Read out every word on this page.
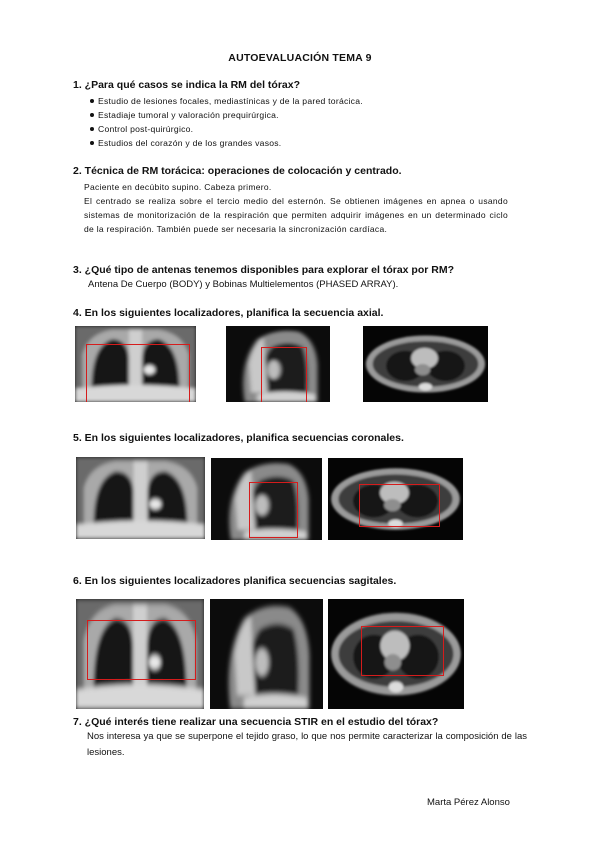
AUTOEVALUACIÓN TEMA 9
1. ¿Para qué casos se indica la RM del tórax?
Estudio de lesiones focales, mediastínicas y de la pared torácica.
Estadiaje tumoral y valoración prequirúrgica.
Control post-quirúrgico.
Estudios del corazón y de los grandes vasos.
2. Técnica de RM torácica: operaciones de colocación y centrado.
Paciente en decúbito supino. Cabeza primero.
El centrado se realiza sobre el tercio medio del esternón. Se obtienen imágenes en apnea o usando sistemas de monitorización de la respiración que permiten adquirir imágenes en un determinado ciclo de la respiración. También puede ser necesaria la sincronización cardíaca.
3. ¿Qué tipo de antenas tenemos disponibles para explorar el tórax por RM?
Antena De Cuerpo (BODY) y Bobinas Multielementos (PHASED ARRAY).
4. En los siguientes localizadores, planifica la secuencia axial.
5. En los siguientes localizadores, planifica secuencias coronales.
6. En los siguientes localizadores planifica secuencias sagitales.
7. ¿Qué interés tiene realizar una secuencia STIR en el estudio del tórax?
Nos interesa ya que se superpone el tejido graso, lo que nos permite caracterizar la composición de las lesiones.
Marta Pérez Alonso
